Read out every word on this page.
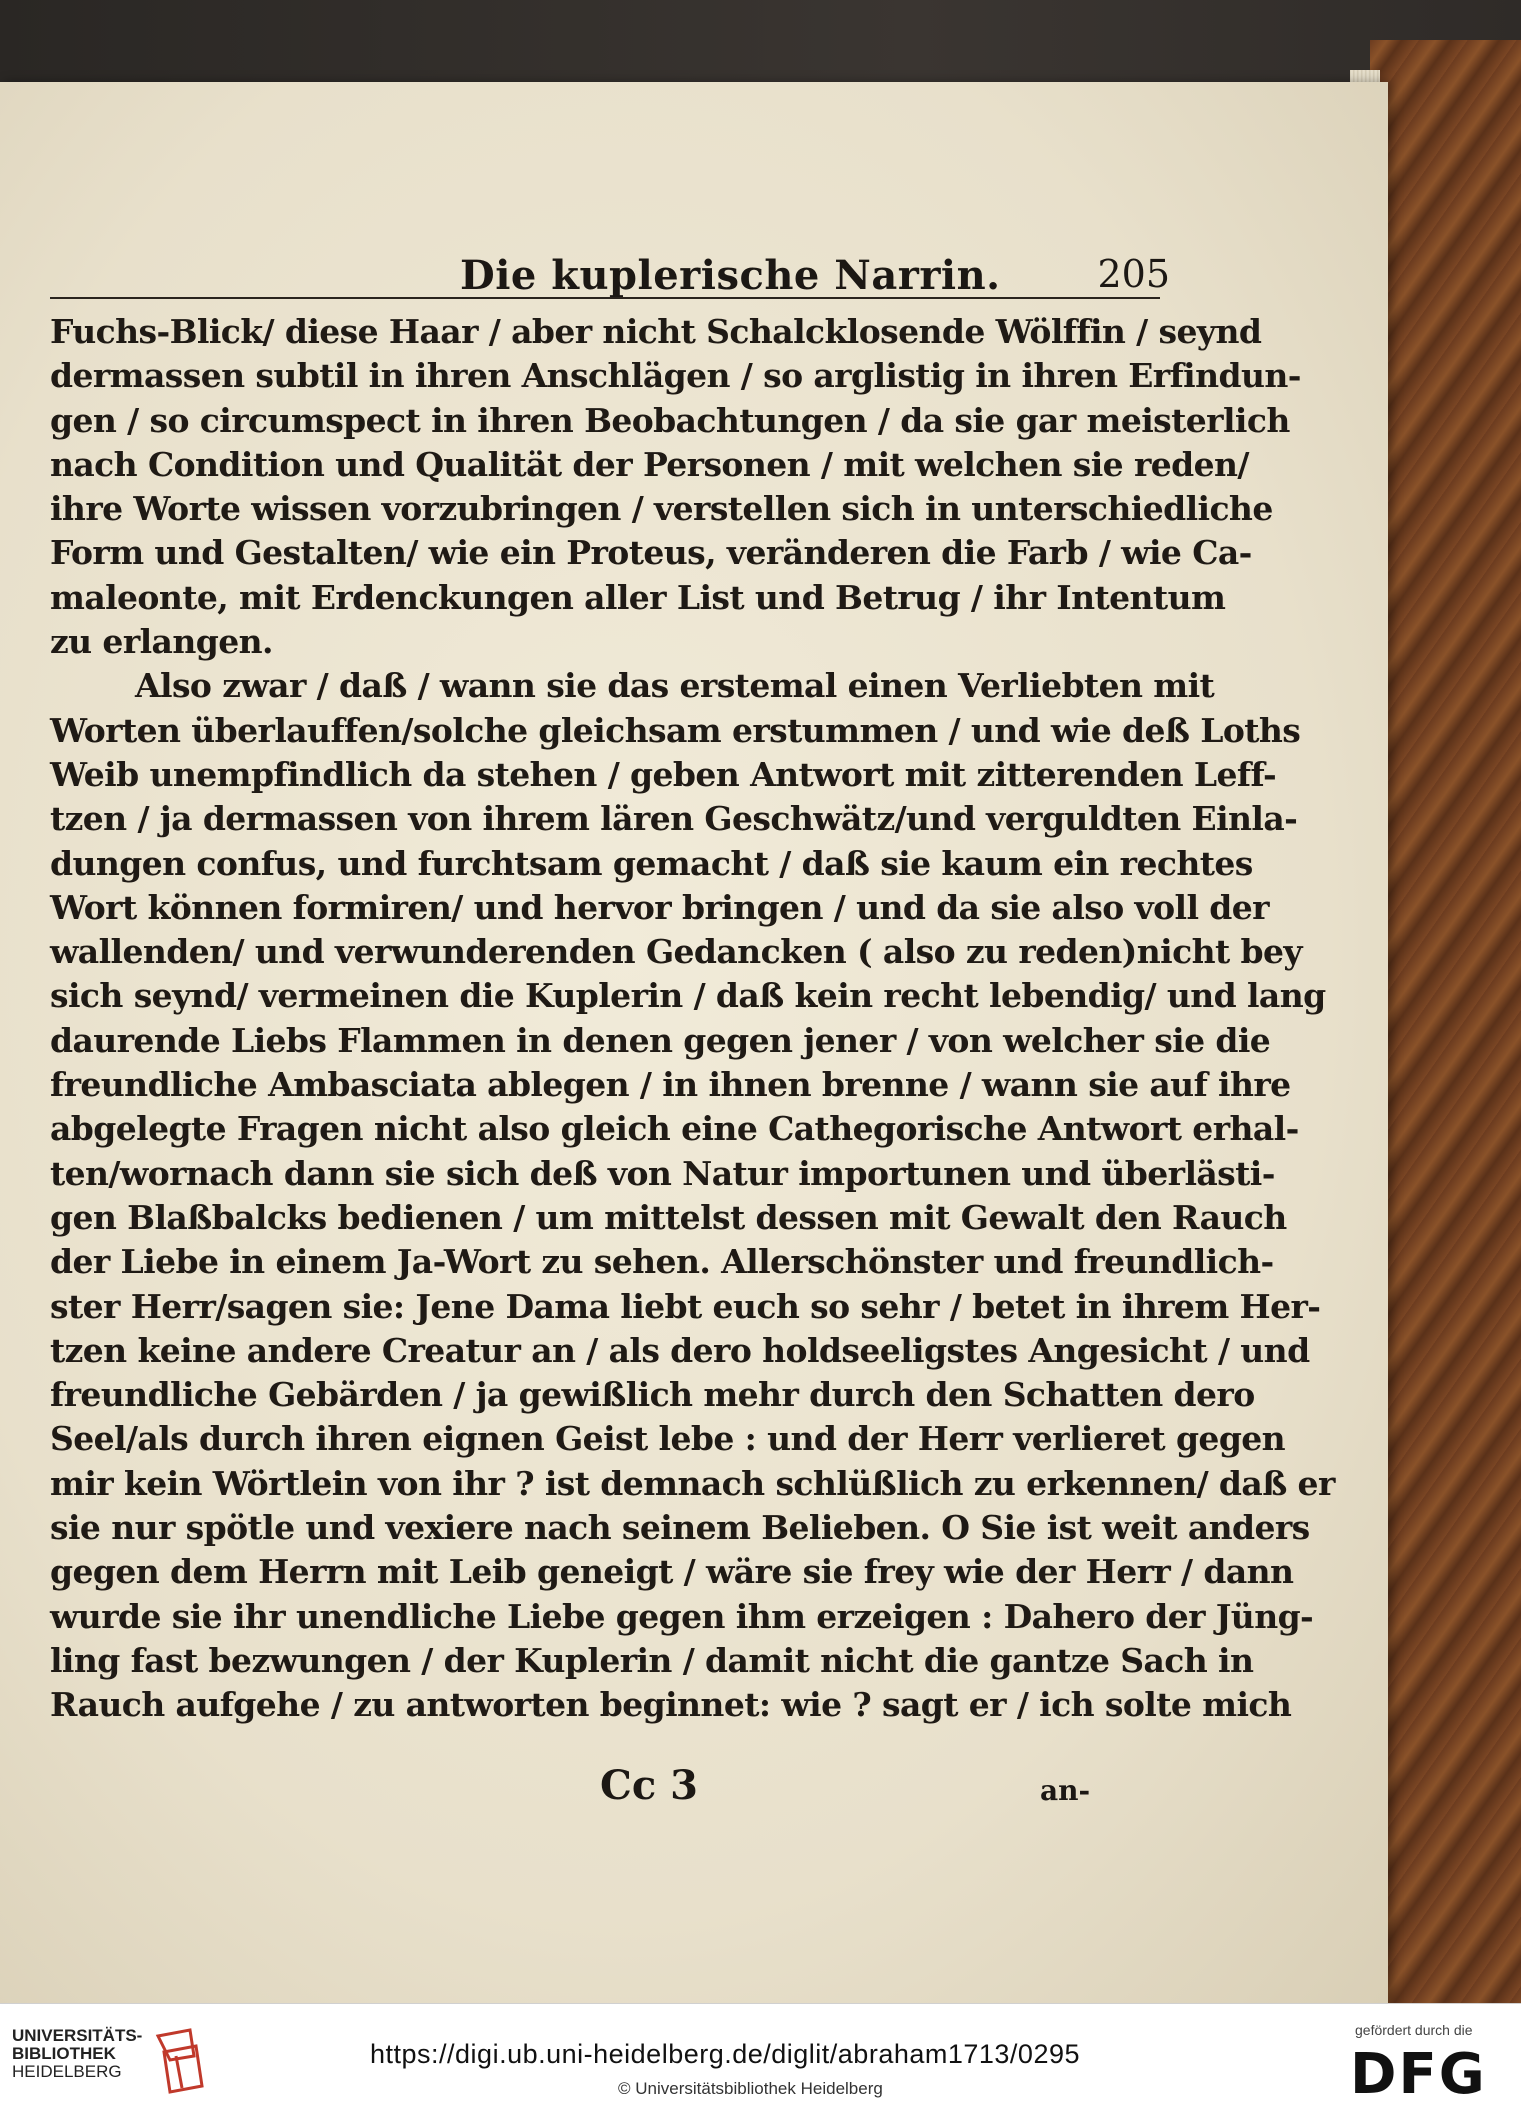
Die kuplerische Narrin.	205
Fuchs-Blick/ diese Haar / aber nicht Schalcklosende Wölffin / seynd
dermassen subtil in ihren Anschlägen / so arglistig in ihren Erfindun-
gen / so circumspect in ihren Beobachtungen / da sie gar meisterlich
nach Condition und Qualität der Personen / mit welchen sie reden/
ihre Worte wissen vorzubringen / verstellen sich in unterschiedliche
Form und Gestalten/ wie ein Proteus, veränderen die Farb / wie Ca-
maleonte, mit Erdenckungen aller List und Betrug / ihr Intentum
zu erlangen.
Also zwar / daß / wann sie das erstemal einen Verliebten mit
Worten überlauffen/solche gleichsam erstummen / und wie deß Loths
Weib unempfindlich da stehen / geben Antwort mit zitterenden Leff-
tzen / ja dermassen von ihrem lären Geschwätz/und verguldten Einla-
dungen confus, und furchtsam gemacht / daß sie kaum ein rechtes
Wort können formiren/ und hervor bringen / und da sie also voll der
wallenden/ und verwunderenden Gedancken ( also zu reden)nicht bey
sich seynd/ vermeinen die Kuplerin / daß kein recht lebendig/ und lang
daurende Liebs Flammen in denen gegen jener / von welcher sie die
freundliche Ambasciata ablegen / in ihnen brenne / wann sie auf ihre
abgelegte Fragen nicht also gleich eine Cathegorische Antwort erhal-
ten/wornach dann sie sich deß von Natur importunen und überlästi-
gen Blaßbalcks bedienen / um mittelst dessen mit Gewalt den Rauch
der Liebe in einem Ja-Wort zu sehen. Allerschönster und freundlich-
ster Herr/sagen sie: Jene Dama liebt euch so sehr / betet in ihrem Her-
tzen keine andere Creatur an / als dero holdseeligstes Angesicht / und
freundliche Gebärden / ja gewißlich mehr durch den Schatten dero
Seel/als durch ihren eignen Geist lebe : und der Herr verlieret gegen
mir kein Wörtlein von ihr ? ist demnach schlüßlich zu erkennen/ daß er
sie nur spötle und vexiere nach seinem Belieben. O Sie ist weit anders
gegen dem Herrn mit Leib geneigt / wäre sie frey wie der Herr / dann
wurde sie ihr unendliche Liebe gegen ihm erzeigen : Dahero der Jüng-
ling fast bezwungen / der Kuplerin / damit nicht die gantze Sach in
Rauch aufgehe / zu antworten beginnet: wie ? sagt er / ich solte mich
Cc 3	an-
UNIVERSITÄTS-
BIBLIOTHEK
HEIDELBERG
https://digi.ub.uni-heidelberg.de/diglit/abraham1713/0295
© Universitätsbibliothek Heidelberg
gefördert durch die
DFG
